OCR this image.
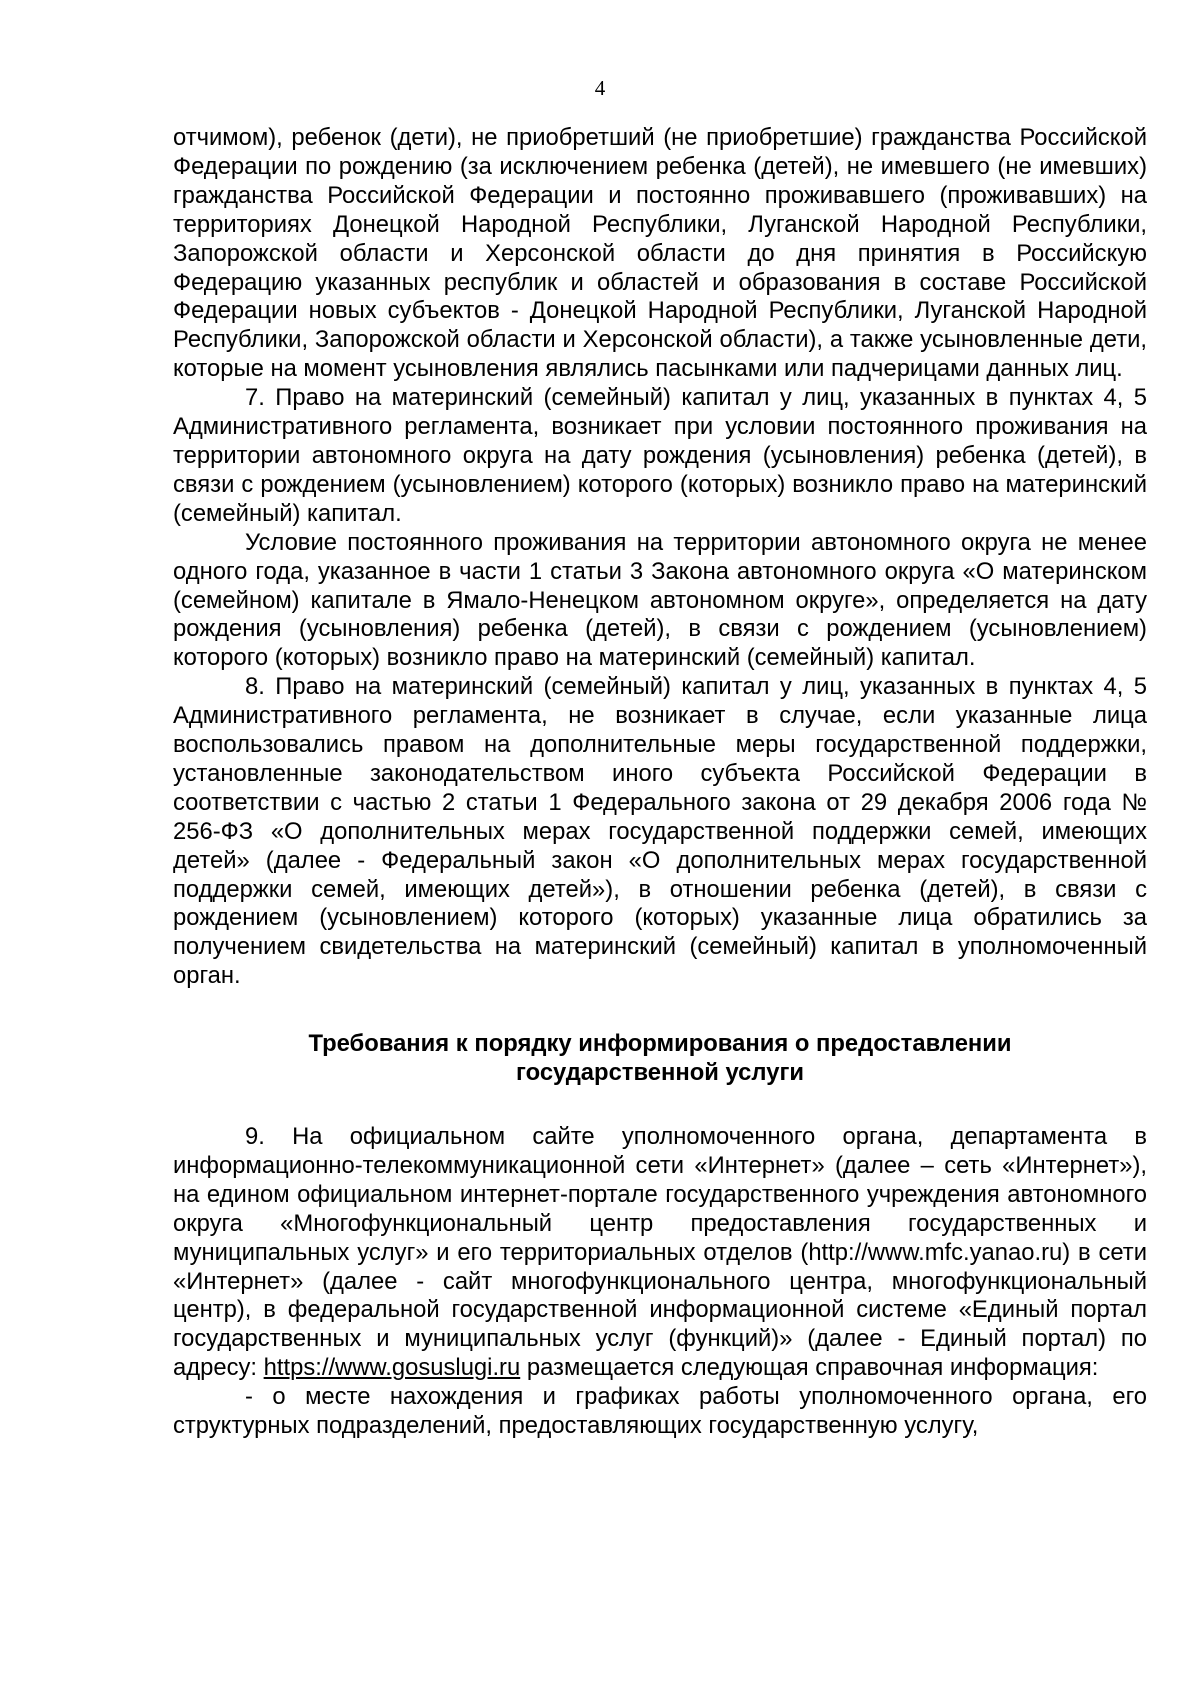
4

отчимом), ребенок (дети), не приобретший (не приобретшие) гражданства Российской Федерации по рождению (за исключением ребенка (детей), не имевшего (не имевших) гражданства Российской Федерации и постоянно проживавшего (проживавших) на территориях Донецкой Народной Республики, Луганской Народной Республики, Запорожской области и Херсонской области до дня принятия в Российскую Федерацию указанных республик и областей и образования в составе Российской Федерации новых субъектов - Донецкой Народной Республики, Луганской Народной Республики, Запорожской области и Херсонской области), а также усыновленные дети, которые на момент усыновления являлись пасынками или падчерицами данных лиц.

7. Право на материнский (семейный) капитал у лиц, указанных в пунктах 4, 5 Административного регламента, возникает при условии постоянного проживания на территории автономного округа на дату рождения (усыновления) ребенка (детей), в связи с рождением (усыновлением) которого (которых) возникло право на материнский (семейный) капитал.

Условие постоянного проживания на территории автономного округа не менее одного года, указанное в части 1 статьи 3 Закона автономного округа «О материнском (семейном) капитале в Ямало-Ненецком автономном округе», определяется на дату рождения (усыновления) ребенка (детей), в связи с рождением (усыновлением) которого (которых) возникло право на материнский (семейный) капитал.

8. Право на материнский (семейный) капитал у лиц, указанных в пунктах 4, 5 Административного регламента, не возникает в случае, если указанные лица воспользовались правом на дополнительные меры государственной поддержки, установленные законодательством иного субъекта Российской Федерации в соответствии с частью 2 статьи 1 Федерального закона от 29 декабря 2006 года № 256-ФЗ «О дополнительных мерах государственной поддержки семей, имеющих детей» (далее - Федеральный закон «О дополнительных мерах государственной поддержки семей, имеющих детей»), в отношении ребенка (детей), в связи с рождением (усыновлением) которого (которых) указанные лица обратились за получением свидетельства на материнский (семейный) капитал в уполномоченный орган.

Требования к порядку информирования о предоставлении
государственной услуги

9. На официальном сайте уполномоченного органа, департамента в информационно-телекоммуникационной сети «Интернет» (далее – сеть «Интернет»), на едином официальном интернет-портале государственного учреждения автономного округа «Многофункциональный центр предоставления государственных и муниципальных услуг» и его территориальных отделов (http://www.mfc.yanao.ru) в сети «Интернет» (далее - сайт многофункционального центра, многофункциональный центр), в федеральной государственной информационной системе «Единый портал государственных и муниципальных услуг (функций)» (далее - Единый портал) по адресу: https://www.gosuslugi.ru размещается следующая справочная информация:

- о месте нахождения и графиках работы уполномоченного органа, его структурных подразделений, предоставляющих государственную услугу,
